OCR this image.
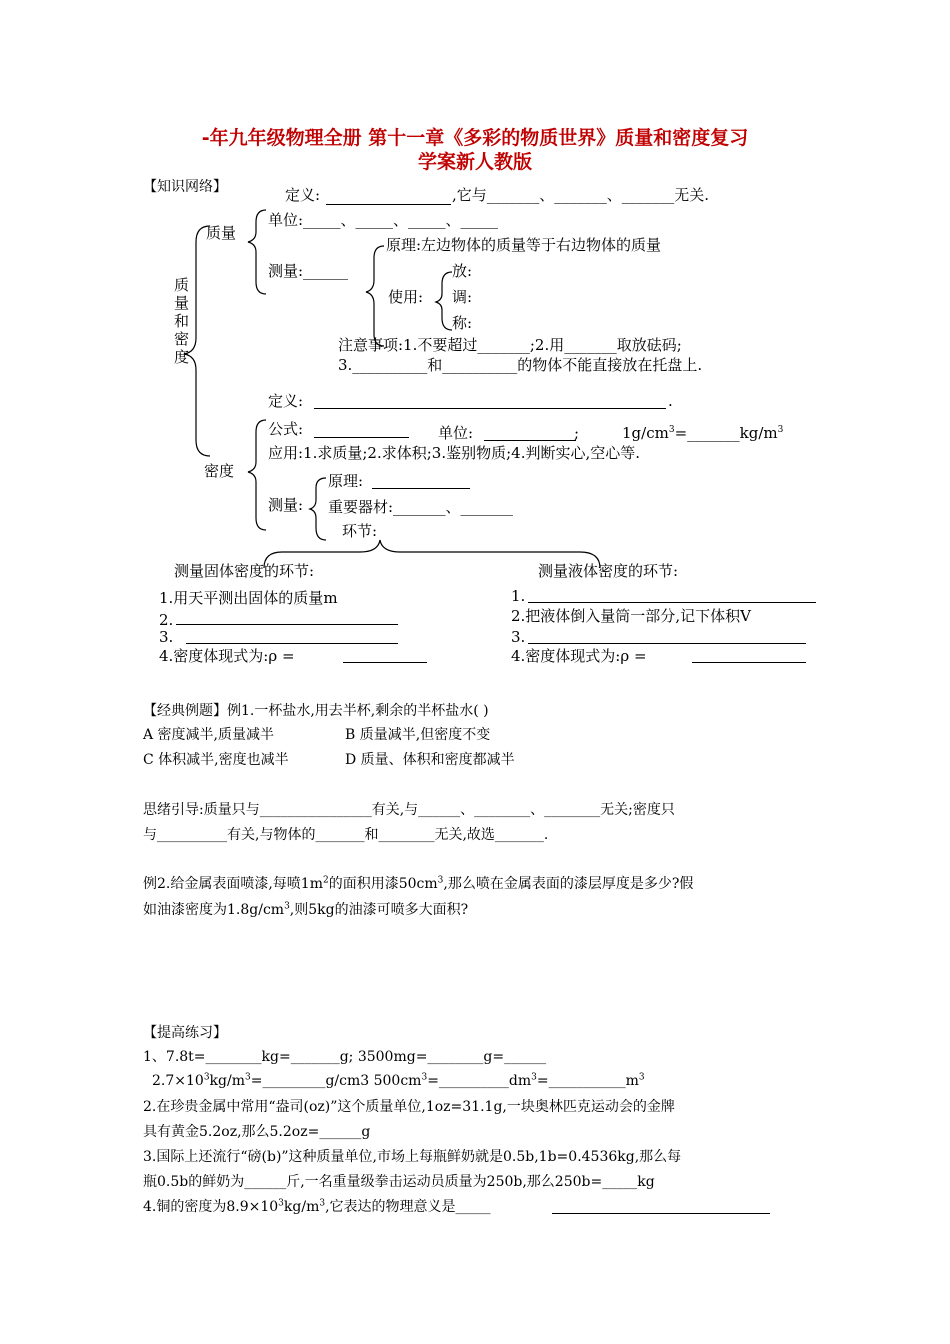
-年九年级物理全册 第十一章《多彩的物质世界》质量和密度复习
学案新人教版
【知识网络】
质
量
和
密
度
质量
定义:	,它与_______、_______、_______无关.
单位:_____、_____、_____、_____
测量:______
原理:左边物体的质量等于右边物体的质量
使用:
放:
调:
称:
注意事项:1.不要超过_______;2.用_______取放砝码;
3.__________和__________的物体不能直接放在托盘上.
密度
定义:	.
公式:	单位:	;	$1g/cm^3=\_\_\_\_\_\_\_kg/m^3$
应用:1.求质量;2.求体积;3.鉴别物质;4.判断实心,空心等.
测量:
原理:
重要器材:_______、_______
环节:
测量固体密度的环节:
1.用天平测出固体的质量m
2.
3.
4.密度体现式为:ρ =
测量液体密度的环节:
1.
2.把液体倒入量筒一部分,记下体积V
3.
4.密度体现式为:ρ =
【经典例题】例1.一杯盐水,用去半杯,剩余的半杯盐水( )
A 密度减半,质量减半	B 质量减半,但密度不变
C 体积减半,密度也减半	D 质量、体积和密度都减半
思绪引导:质量只与________________有关,与______、________、________无关;密度只
与__________有关,与物体的_______和________无关,故选_______.
例2.给金属表面喷漆,每喷$1m^2$的面积用漆$50cm^3$,那么喷在金属表面的漆层厚度是多少?假
如油漆密度为$1.8g/cm^3$,则5kg的油漆可喷多大面积?
【提高练习】
1、7.8t=________kg=_______g; 3500mg=________g=______
$2.7\times 10^3kg/m^3=\_\_\_\_\_\_\_\_\_g/cm3$ $500cm^3=\_\_\_\_\_\_\_\_\_\_dm^3=\_\_\_\_\_\_\_\_\_\_\_m^3$
2.在珍贵金属中常用“盎司(oz)”这个质量单位,1oz=31.1g,一块奥林匹克运动会的金牌
具有黄金5.2oz,那么5.2oz=______g
3.国际上还流行“磅(b)”这种质量单位,市场上每瓶鲜奶就是0.5b,1b=0.4536kg,那么每
瓶0.5b的鲜奶为______斤,一名重量级拳击运动员质量为250b,那么250b=_____kg
4.铜的密度为$8.9\times 10^3kg/m^3$,它表达的物理意义是_____
